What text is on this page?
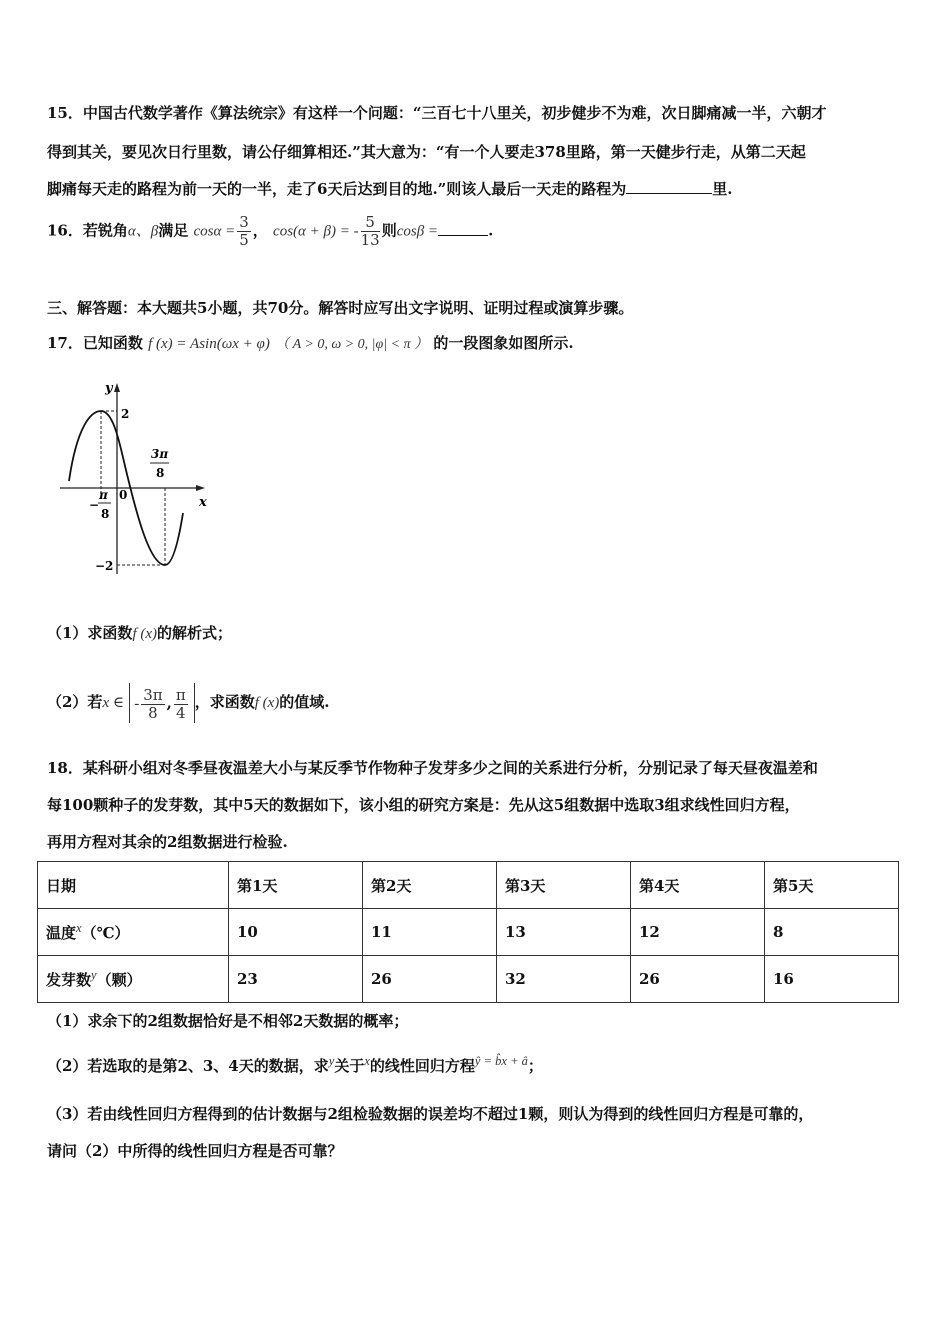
15．中国古代数学著作《算法统宗》有这样一个问题：“三百七十八里关，初步健步不为难，次日脚痛减一半，六朝才
得到其关，要见次日行里数，请公仔细算相还.”其大意为：“有一个人要走378里路，第一天健步行走，从第二天起
脚痛每天走的路程为前一天的一半，走了6天后达到目的地.”则该人最后一天走的路程为	里.
16．若锐角α、β满足 $\cos\alpha = \frac{3}{5}$ ， cos(α + β) = - $\frac{5}{13}$ 则cosβ =	.
三、解答题：本大题共5小题，共70分。解答时应写出文字说明、证明过程或演算步骤。
17．已知函数 f (x) = Asin(ωx + φ) （ A > 0, ω > 0, |φ| < π ） 的一段图象如图所示.
y
x
0
2
−2
−
π
8
3π
8
（1）求函数f (x)的解析式；
（2）若x ∈ - $\frac{3\pi}{8}$ , $\frac{\pi}{4}$ ，求函数f (x)的值域.
18．某科研小组对冬季昼夜温差大小与某反季节作物种子发芽多少之间的关系进行分析，分别记录了每天昼夜温差和
每100颗种子的发芽数，其中5天的数据如下，该小组的研究方案是：先从这5组数据中选取3组求线性回归方程，
再用方程对其余的2组数据进行检验.
日期	第1天	第2天	第3天	第4天	第5天
温度$^x$（℃）	10	11	13	12	8
发芽数$^y$（颗）	23	26	32	26	16
（1）求余下的2组数据恰好是不相邻2天数据的概率；
（2）若选取的是第2、3、4天的数据，求$^y$关于$^x$的线性回归方程$^{ŷ = b̂x + â}$；
（3）若由线性回归方程得到的估计数据与2组检验数据的误差均不超过1颗，则认为得到的线性回归方程是可靠的，
请问（2）中所得的线性回归方程是否可靠？
